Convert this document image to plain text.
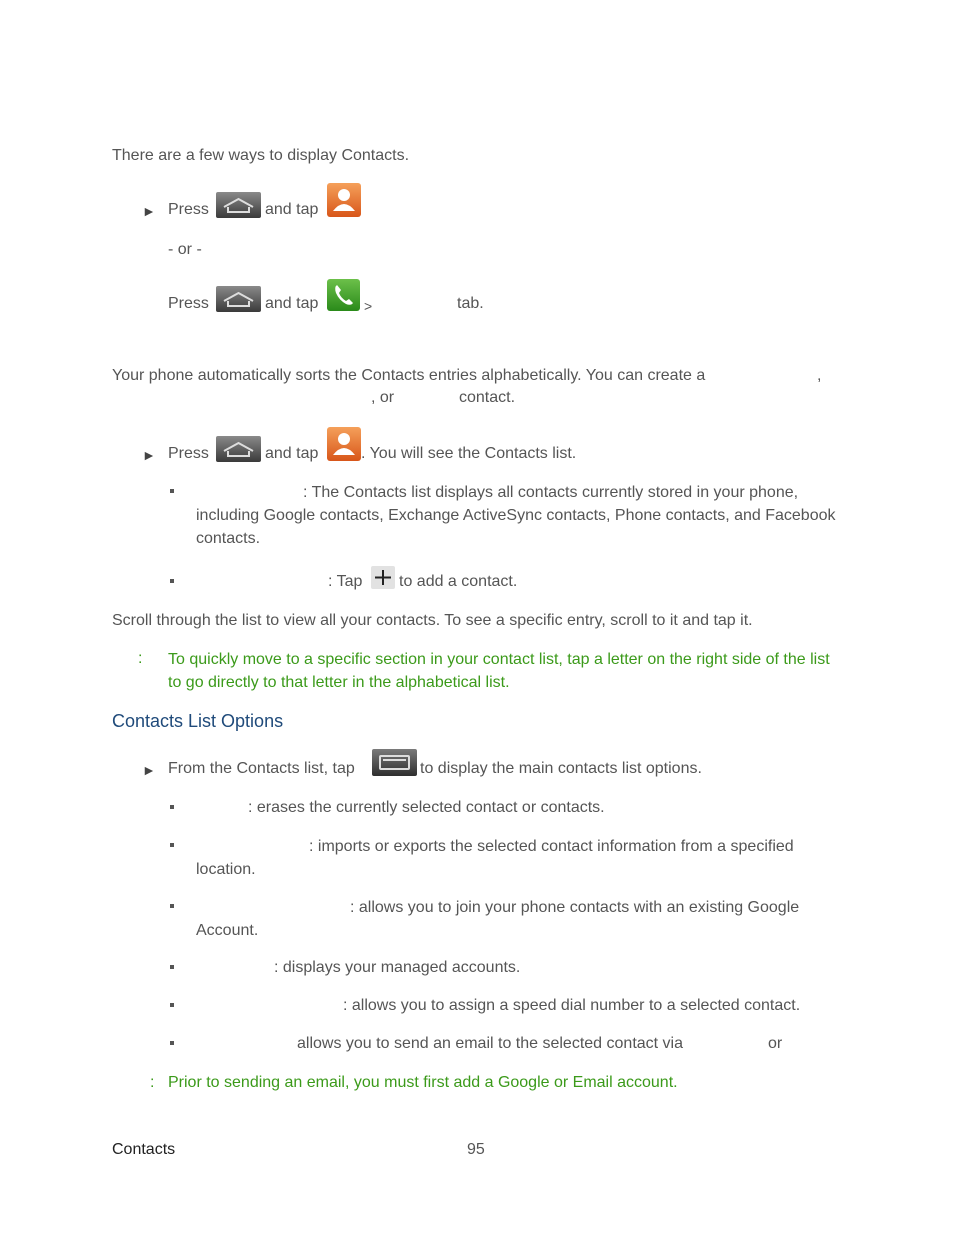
There are a few ways to display Contacts.
► Press	and tap
- or -
Press	and tap	>	tab.
Your phone automatically sorts the Contacts entries alphabetically. You can create a	,
, or	contact.
► Press	and tap	. You will see the Contacts list.
: The Contacts list displays all contacts currently stored in your phone, including Google contacts, Exchange ActiveSync contacts, Phone contacts, and Facebook contacts.
: Tap to add a contact.
Scroll through the list to view all your contacts. To see a specific entry, scroll to it and tap it.
: To quickly move to a specific section in your contact list, tap a letter on the right side of the list to go directly to that letter in the alphabetical list.
Contacts List Options
► From the Contacts list, tap	to display the main contacts list options.
: erases the currently selected contact or contacts.
: imports or exports the selected contact information from a specified location.
: allows you to join your phone contacts with an existing Google Account.
: displays your managed accounts.
: allows you to assign a speed dial number to a selected contact.
allows you to send an email to the selected contact via	or
: Prior to sending an email, you must first add a Google or Email account.
Contacts	95
